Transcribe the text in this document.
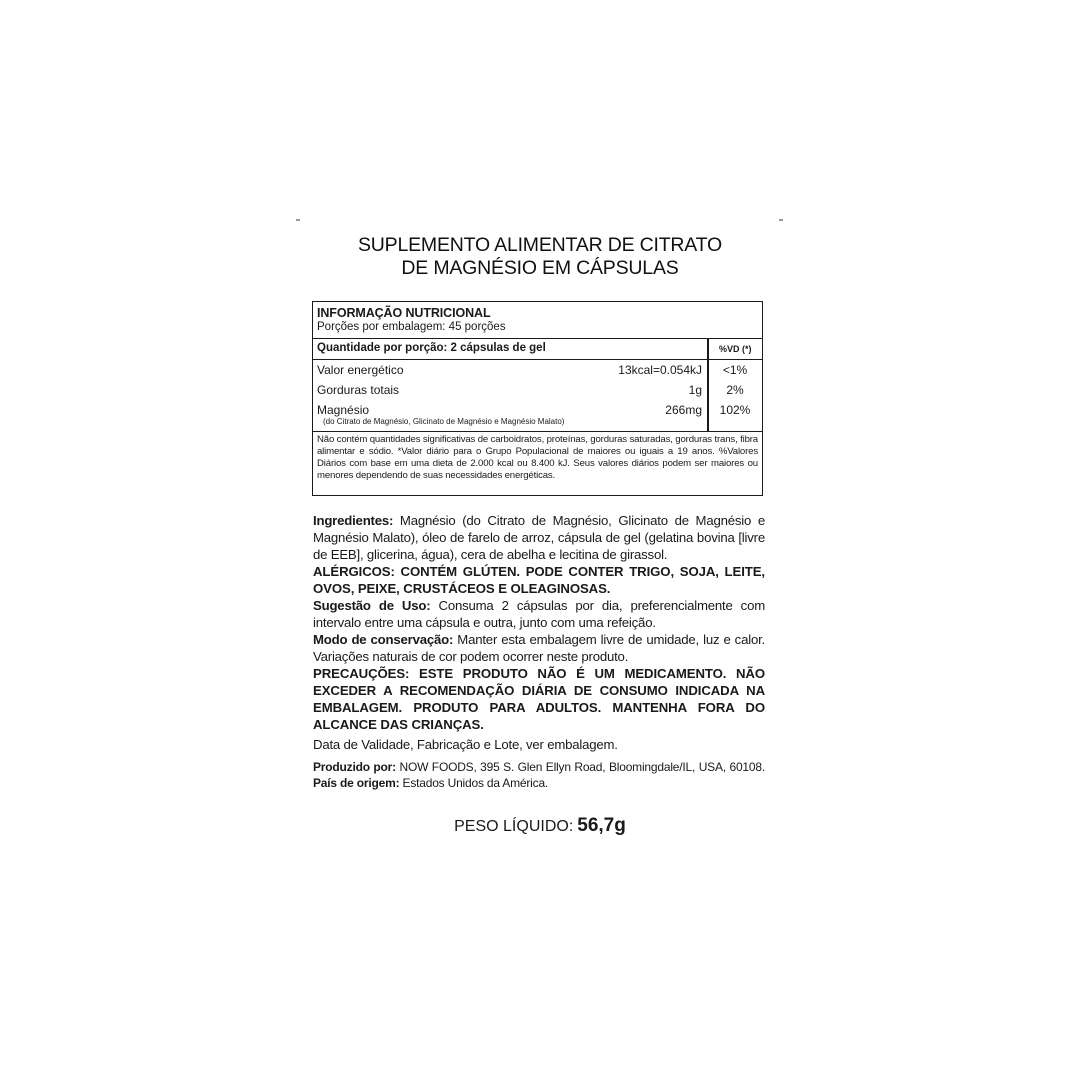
SUPLEMENTO ALIMENTAR DE CITRATO
DE MAGNÉSIO EM CÁPSULAS
INFORMAÇÃO NUTRICIONAL
Porções por embalagem: 45 porções
Quantidade por porção: 2 cápsulas de gel	%VD (*)
Valor energético	13kcal=0.054kJ	<1%
Gorduras totais	1g	2%
Magnésio	266mg	102%
(do Citrato de Magnésio, Glicinato de Magnésio e Magnésio Malato)
Não contém quantidades significativas de carboidratos, proteínas, gorduras saturadas, gorduras trans, fibra alimentar e sódio. *Valor diário para o Grupo Populacional de maiores ou iguais a 19 anos. %Valores Diários com base em uma dieta de 2.000 kcal ou 8.400 kJ. Seus valores diários podem ser maiores ou menores dependendo de suas necessidades energéticas.

Ingredientes: Magnésio (do Citrato de Magnésio, Glicinato de Magnésio e Magnésio Malato), óleo de farelo de arroz, cápsula de gel (gelatina bovina [livre de EEB], glicerina, água), cera de abelha e lecitina de girassol.

ALÉRGICOS: CONTÉM GLÚTEN. PODE CONTER TRIGO, SOJA, LEITE, OVOS, PEIXE, CRUSTÁCEOS E OLEAGINOSAS.

Sugestão de Uso: Consuma 2 cápsulas por dia, preferencialmente com intervalo entre uma cápsula e outra, junto com uma refeição.

Modo de conservação: Manter esta embalagem livre de umidade, luz e calor. Variações naturais de cor podem ocorrer neste produto.

PRECAUÇÕES: ESTE PRODUTO NÃO É UM MEDICAMENTO. NÃO EXCEDER A RECOMENDAÇÃO DIÁRIA DE CONSUMO INDICADA NA EMBALAGEM. PRODUTO PARA ADULTOS. MANTENHA FORA DO ALCANCE DAS CRIANÇAS.

Data de Validade, Fabricação e Lote, ver embalagem.

Produzido por: NOW FOODS, 395 S. Glen Ellyn Road, Bloomingdale/IL, USA, 60108. País de origem: Estados Unidos da América.

PESO LÍQUIDO: 56,7g
